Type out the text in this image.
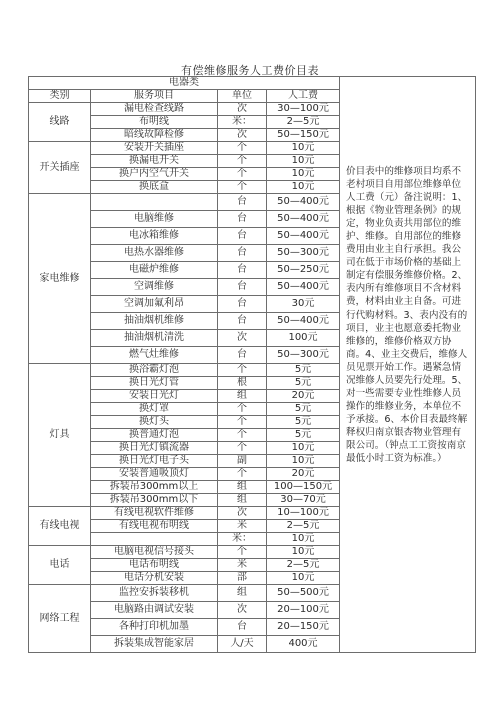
有偿维修服务人工费价目表
电器类				价目表中的维修项目均系不老村项目自用部位维修单位人工费（元）备注说明：1、根据《物业管理条例》的规定，物业负责共用部位的维护、维修。自用部位的维修费用由业主自行承担。我公司在低于市场价格的基础上制定有偿服务维修价格。2、表内所有维修项目不含材料费，材料由业主自备。可进行代购材料。3、表内没有的项目，业主也愿意委托物业维修的，维修价格双方协商。4、业主交费后，维修人员见票开始工作。遇紧急情况维修人员要先行处理。5、对一些需要专业性维修人员操作的维修业务，本单位不予承接。6、本价目表最终解释权归南京银杏物业管理有限公司。（钟点工工资按南京最低小时工资为标准。）
类别	服务项目	单位	人工费	
线路	漏电检查线路	次	30—100元	
	布明线	米：	2—5元	
	暗线故障检修	次	50—150元	
开关插座	安装开关插座	个	10元	
	换漏电开关	个	10元	
	换户内空气开关	个	10元	
	换底盒	个	10元	
家电维修		台	50—400元	
	电脑维修	台	50—400元	
	电冰箱维修	台	50—400元	
	电热水器维修	台	50—300元	
	电磁炉维修	台	50—250元	
	空调维修	台	50—400元	
	空调加氟利昂	台	30元	
	抽油烟机维修	台	50—400元	
	抽油烟机清洗	次	100元	
	燃气灶维修	台	50—300元	
灯具	换浴霸灯泡	个	5元	
	换日光灯管	根	5元	
	安装日光灯	组	20元	
	换灯罩	个	5元	
	换灯头	个	5元	
	换普通灯泡	个	5元	
	换日光灯镇流器	个	10元	
	换日光灯电子头	副	10元	
	安装普通吸顶灯	个	20元	
	拆装吊300mm以上	组	100—150元	
	拆装吊300mm以下	组	30—70元	
有线电视	有线电视软件维修	次	10—100元	
	有线电视布明线	米	2—5元	
		米：	10元	
电话	电脑电视信号接头	个	10元	
	电话布明线	米	2—5元	
	电话分机安装	部	10元	
网络工程	监控安拆装移机	组	50—500元	
	电脑路由调试安装	次	20—100元	
	各种打印机加墨	台	20—150元	
	拆装集成智能家居	人/天	400元	
